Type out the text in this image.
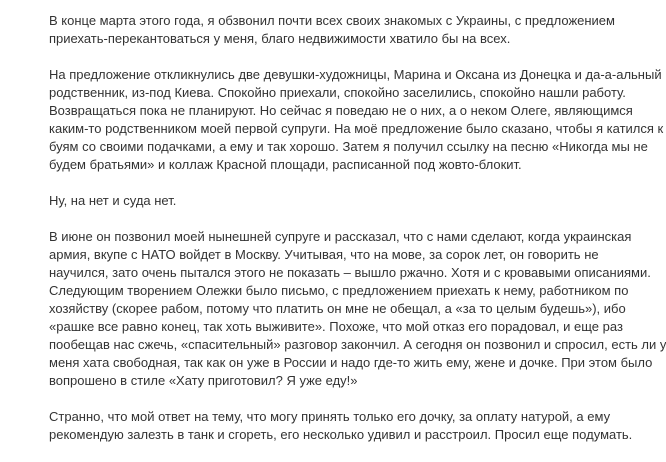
В конце марта этого года, я обзвонил почти всех своих знакомых с Украины, с предложением
приехать-перекантоваться у меня, благо недвижимости хватило бы на всех.

На предложение откликнулись две девушки-художницы, Марина и Оксана из Донецка и да-а-альный
родственник, из-под Киева. Спокойно приехали, спокойно заселились, спокойно нашли работу.
Возвращаться пока не планируют. Но сейчас я поведаю не о них, а о неком Олеге, являющимся
каким-то родственником моей первой супруги. На моё предложение было сказано, чтобы я катился к
буям со своими подачками, а ему и так хорошо. Затем я получил ссылку на песню «Никогда мы не
будем братьями» и коллаж Красной площади, расписанной под жовто-блокит.

Ну, на нет и суда нет.

В июне он позвонил моей нынешней супруге и рассказал, что с нами сделают, когда украинская
армия, вкупе с НАТО войдет в Москву. Учитывая, что на мове, за сорок лет, он говорить не
научился, зато очень пытался этого не показать – вышло ржачно. Хотя и с кровавыми описаниями.
Следующим творением Олежки было письмо, с предложением приехать к нему, работником по
хозяйству (скорее рабом, потому что платить он мне не обещал, а «за то целым будешь»), ибо
«рашке все равно конец, так хоть выживите». Похоже, что мой отказ его порадовал, и еще раз
пообещав нас сжечь, «спасительный» разговор закончил. А сегодня он позвонил и спросил, есть ли у
меня хата свободная, так как он уже в России и надо где-то жить ему, жене и дочке. При этом было
вопрошено в стиле «Хату приготовил? Я уже еду!»

Странно, что мой ответ на тему, что могу принять только его дочку, за оплату натурой, а ему
рекомендую залезть в танк и сгореть, его несколько удивил и расстроил. Просил еще подумать.
